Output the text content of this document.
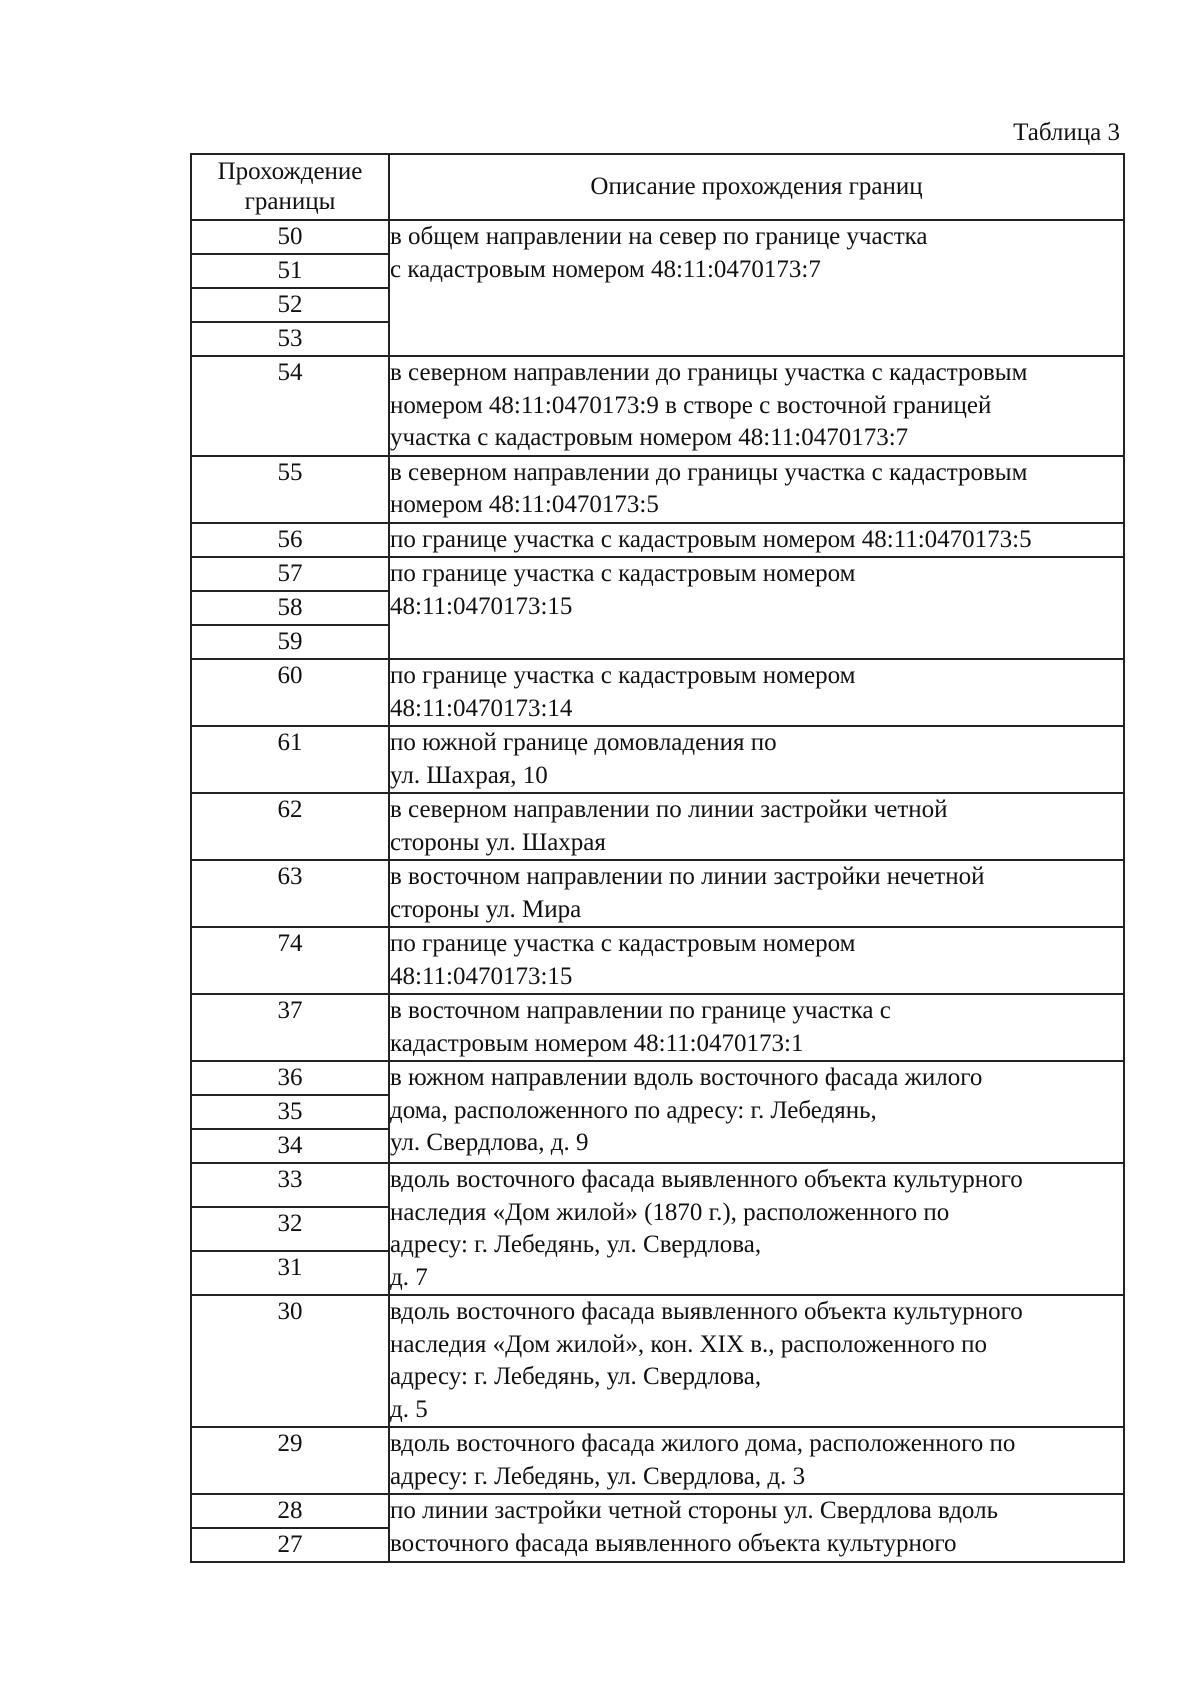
Таблица 3
Прохождение границы	Описание прохождения границ
50	в общем направлении на север по границе участка
с кадастровым номером 48:11:0470173:7
51	
52	
53	
54	в северном направлении до границы участка с кадастровым
номером 48:11:0470173:9 в створе с восточной границей
участка с кадастровым номером 48:11:0470173:7
55	в северном направлении до границы участка с кадастровым
номером 48:11:0470173:5
56	по границе участка с кадастровым номером 48:11:0470173:5
57	по границе участка с кадастровым номером
48:11:0470173:15
58	
59	
60	по границе участка с кадастровым номером
48:11:0470173:14
61	по южной границе домовладения по
ул. Шахрая, 10
62	в северном направлении по линии застройки четной
стороны ул. Шахрая
63	в восточном направлении по линии застройки нечетной
стороны ул. Мира
74	по границе участка с кадастровым номером
48:11:0470173:15
37	в восточном направлении по границе участка с
кадастровым номером 48:11:0470173:1
36	в южном направлении вдоль восточного фасада жилого
дома, расположенного по адресу: г. Лебедянь,
ул. Свердлова, д. 9
35	
34	
33	вдоль восточного фасада выявленного объекта культурного
наследия «Дом жилой» (1870 г.), расположенного по
адресу: г. Лебедянь, ул. Свердлова,
д. 7
32	
31	
30	вдоль восточного фасада выявленного объекта культурного
наследия «Дом жилой», кон. XIX в., расположенного по
адресу: г. Лебедянь, ул. Свердлова,
д. 5
29	вдоль восточного фасада жилого дома, расположенного по
адресу: г. Лебедянь, ул. Свердлова, д. 3
28	по линии застройки четной стороны ул. Свердлова вдоль
восточного фасада выявленного объекта культурного
27	
